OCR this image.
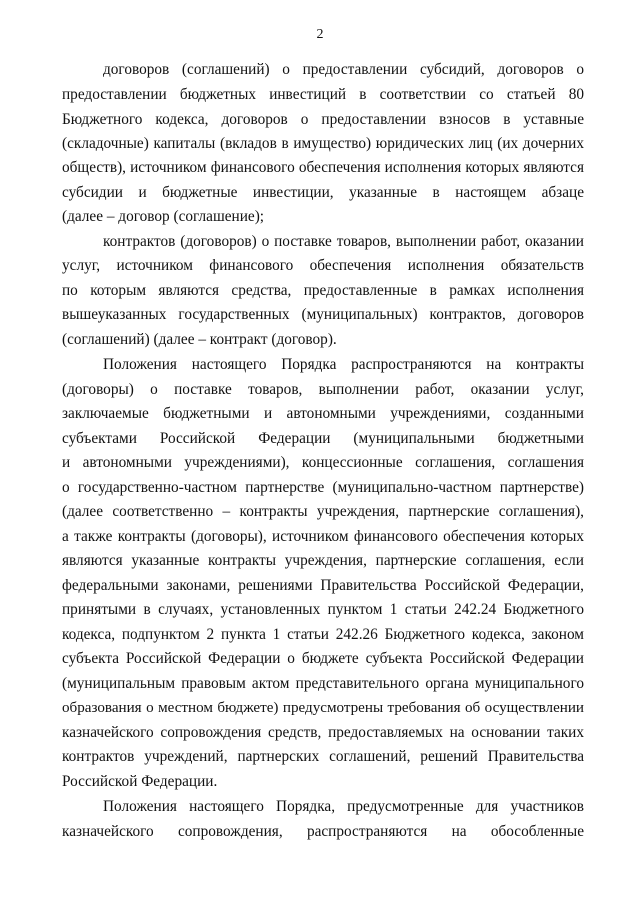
2
договоров (соглашений) о предоставлении субсидий, договоров о
предоставлении бюджетных инвестиций в соответствии со статьей 80
Бюджетного кодекса, договоров о предоставлении взносов в уставные
(складочные) капиталы (вкладов в имущество) юридических лиц (их дочерних
обществ), источником финансового обеспечения исполнения которых являются
субсидии и бюджетные инвестиции, указанные в настоящем абзаце
(далее – договор (соглашение);
контрактов (договоров) о поставке товаров, выполнении работ, оказании
услуг, источником финансового обеспечения исполнения обязательств
по которым являются средства, предоставленные в рамках исполнения
вышеуказанных государственных (муниципальных) контрактов, договоров
(соглашений) (далее – контракт (договор).
Положения настоящего Порядка распространяются на контракты
(договоры) о поставке товаров, выполнении работ, оказании услуг,
заключаемые бюджетными и автономными учреждениями, созданными
субъектами Российской Федерации (муниципальными бюджетными
и автономными учреждениями), концессионные соглашения, соглашения
о государственно-частном партнерстве (муниципально-частном партнерстве)
(далее соответственно – контракты учреждения, партнерские соглашения),
а также контракты (договоры), источником финансового обеспечения которых
являются указанные контракты учреждения, партнерские соглашения, если
федеральными законами, решениями Правительства Российской Федерации,
принятыми в случаях, установленных пунктом 1 статьи 242.24 Бюджетного
кодекса, подпунктом 2 пункта 1 статьи 242.26 Бюджетного кодекса, законом
субъекта Российской Федерации о бюджете субъекта Российской Федерации
(муниципальным правовым актом представительного органа муниципального
образования о местном бюджете) предусмотрены требования об осуществлении
казначейского сопровождения средств, предоставляемых на основании таких
контрактов учреждений, партнерских соглашений, решений Правительства
Российской Федерации.
Положения настоящего Порядка, предусмотренные для участников
казначейского сопровождения, распространяются на обособленные
